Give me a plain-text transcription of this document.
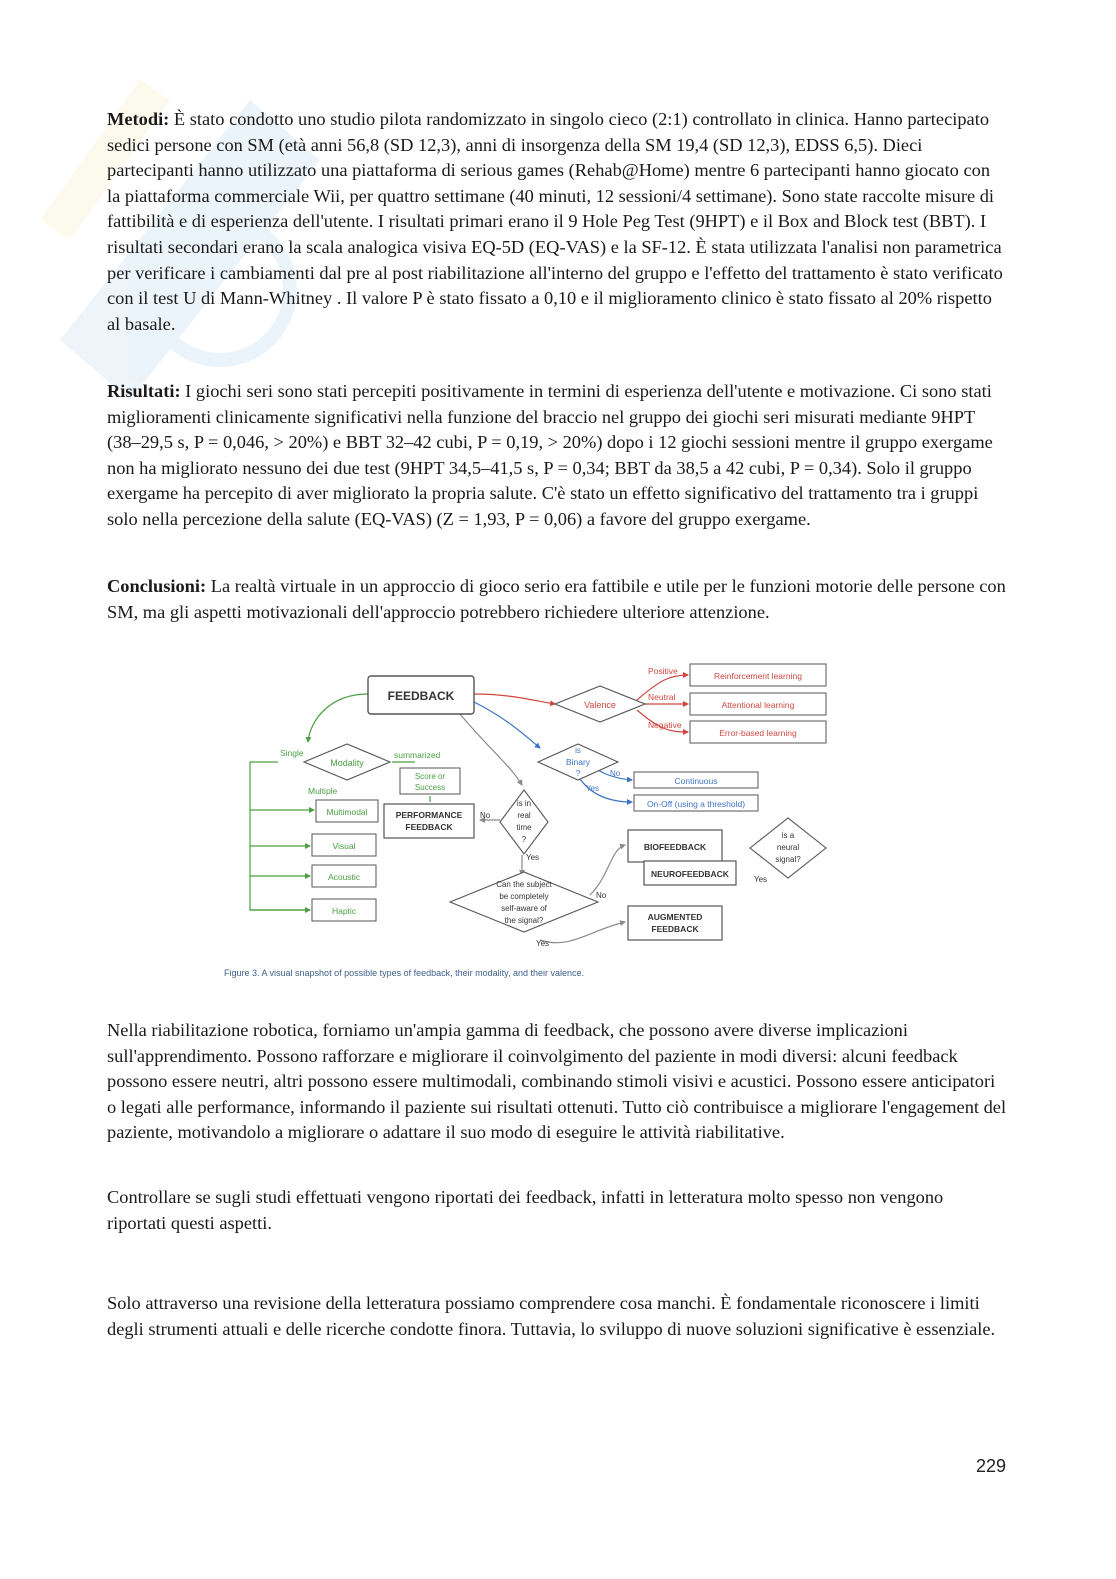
Metodi: È stato condotto uno studio pilota randomizzato in singolo cieco (2:1) controllato in clinica. Hanno partecipato sedici persone con SM (età anni 56,8 (SD 12,3), anni di insorgenza della SM 19,4 (SD 12,3), EDSS 6,5). Dieci partecipanti hanno utilizzato una piattaforma di serious games (Rehab@Home) mentre 6 partecipanti hanno giocato con la piattaforma commerciale Wii, per quattro settimane (40 minuti, 12 sessioni/4 settimane). Sono state raccolte misure di fattibilità e di esperienza dell'utente. I risultati primari erano il 9 Hole Peg Test (9HPT) e il Box and Block test (BBT). I risultati secondari erano la scala analogica visiva EQ-5D (EQ-VAS) e la SF-12. È stata utilizzata l'analisi non parametrica per verificare i cambiamenti dal pre al post riabilitazione all'interno del gruppo e l'effetto del trattamento è stato verificato con il test U di Mann-Whitney . Il valore P è stato fissato a 0,10 e il miglioramento clinico è stato fissato al 20% rispetto al basale.

Risultati: I giochi seri sono stati percepiti positivamente in termini di esperienza dell'utente e motivazione. Ci sono stati miglioramenti clinicamente significativi nella funzione del braccio nel gruppo dei giochi seri misurati mediante 9HPT (38–29,5 s, P = 0,046, > 20%) e BBT 32–42 cubi, P = 0,19, > 20%) dopo i 12 giochi sessioni mentre il gruppo exergame non ha migliorato nessuno dei due test (9HPT 34,5–41,5 s, P = 0,34; BBT da 38,5 a 42 cubi, P = 0,34). Solo il gruppo exergame ha percepito di aver migliorato la propria salute. C'è stato un effetto significativo del trattamento tra i gruppi solo nella percezione della salute (EQ-VAS) (Z = 1,93, P = 0,06) a favore del gruppo exergame.

Conclusioni: La realtà virtuale in un approccio di gioco serio era fattibile e utile per le funzioni motorie delle persone con SM, ma gli aspetti motivazionali dell'approccio potrebbero richiedere ulteriore attenzione.

FEEDBACK
Valence
Positive
Neutral
Negative
Reinforcement learning
Attentional learning
Error-based learning
is
Binary
?	No
Yes
Continuous
On-Off (using a threshold)
Single
Modality
summarized
Score or
Success
Multiple
Multimodal
Visual
Acoustic
Haptic
PERFORMANCE
FEEDBACK
is in
real
time
?
No
Yes
Can the subject
be completely
self-aware of
the signal?
No
Yes
BIOFEEDBACK
NEUROFEEDBACK
is a
neural
signal?
Yes
AUGMENTED
FEEDBACK
Figure 3. A visual snapshot of possible types of feedback, their modality, and their valence.

Nella riabilitazione robotica, forniamo un'ampia gamma di feedback, che possono avere diverse implicazioni sull'apprendimento. Possono rafforzare e migliorare il coinvolgimento del paziente in modi diversi: alcuni feedback possono essere neutri, altri possono essere multimodali, combinando stimoli visivi e acustici. Possono essere anticipatori o legati alle performance, informando il paziente sui risultati ottenuti. Tutto ciò contribuisce a migliorare l'engagement del paziente, motivandolo a migliorare o adattare il suo modo di eseguire le attività riabilitative.

Controllare se sugli studi effettuati vengono riportati dei feedback, infatti in letteratura molto spesso non vengono riportati questi aspetti.

Solo attraverso una revisione della letteratura possiamo comprendere cosa manchi. È fondamentale riconoscere i limiti degli strumenti attuali e delle ricerche condotte finora. Tuttavia, lo sviluppo di nuove soluzioni significative è essenziale.

229
